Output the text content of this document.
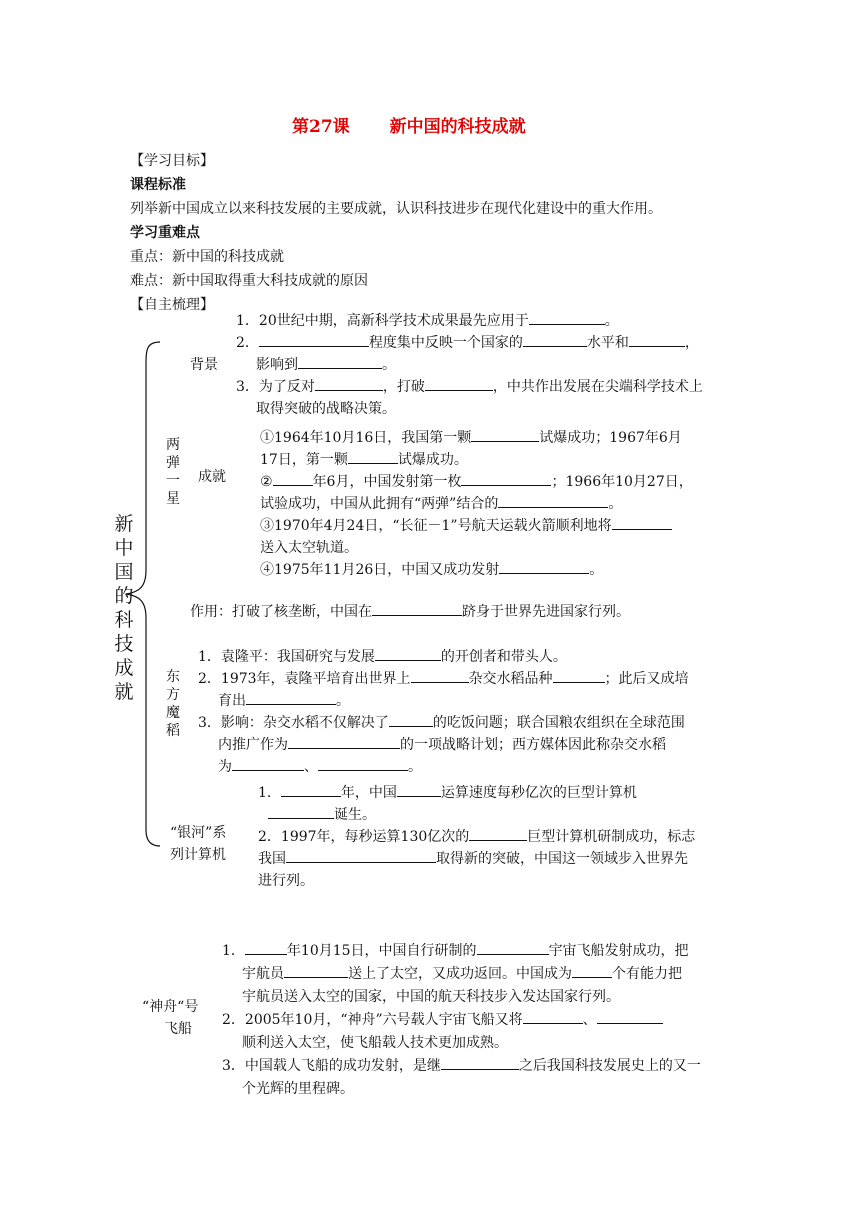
第27课 新中国的科技成就
【学习目标】
课程标准
列举新中国成立以来科技发展的主要成就，认识科技进步在现代化建设中的重大作用。
学习重难点
重点：新中国的科技成就
难点：新中国取得重大科技成就的原因
【自主梳理】
新中国的科技成就
两弹一星
背景
1．20世纪中期，高新科学技术成果最先应用于	。
2．	程度集中反映一个国家的	水平和	，
影响到	。
3．为了反对	，打破	，中共作出发展在尖端科学技术上
取得突破的战略决策。
成就
①1964年10月16日，我国第一颗	试爆成功；1967年6月
17日，第一颗	试爆成功。
②	年6月，中国发射第一枚	；1966年10月27日，
试验成功，中国从此拥有“两弹”结合的	。
③1970年4月24日，“长征－1”号航天运载火箭顺利地将
送入太空轨道。
④1975年11月26日，中国又成功发射	。
作用：打破了核垄断，中国在	跻身于世界先进国家行列。
东方魔稻
1．袁隆平：我国研究与发展	的开创者和带头人。
2．1973年，袁隆平培育出世界上	杂交水稻品种	；此后又成培
育出	。
3．影响：杂交水稻不仅解决了	的吃饭问题；联合国粮农组织在全球范围
内推广作为	的一项战略计划；西方媒体因此称杂交水稻
为	、	。
“银河”系
列计算机
1．	年，中国	运算速度每秒亿次的巨型计算机
诞生。
2．1997年，每秒运算130亿次的	巨型计算机研制成功，标志
我国	取得新的突破，中国这一领域步入世界先
进行列。
“神舟“号
飞船
1．	年10月15日，中国自行研制的	宇宙飞船发射成功，把
宇航员	送上了太空，又成功返回。中国成为	个有能力把
宇航员送入太空的国家，中国的航天科技步入发达国家行列。
2．2005年10月，“神舟”六号载人宇宙飞船又将	、
顺利送入太空，使飞船载人技术更加成熟。
3．中国载人飞船的成功发射，是继	之后我国科技发展史上的又一
个光辉的里程碑。
